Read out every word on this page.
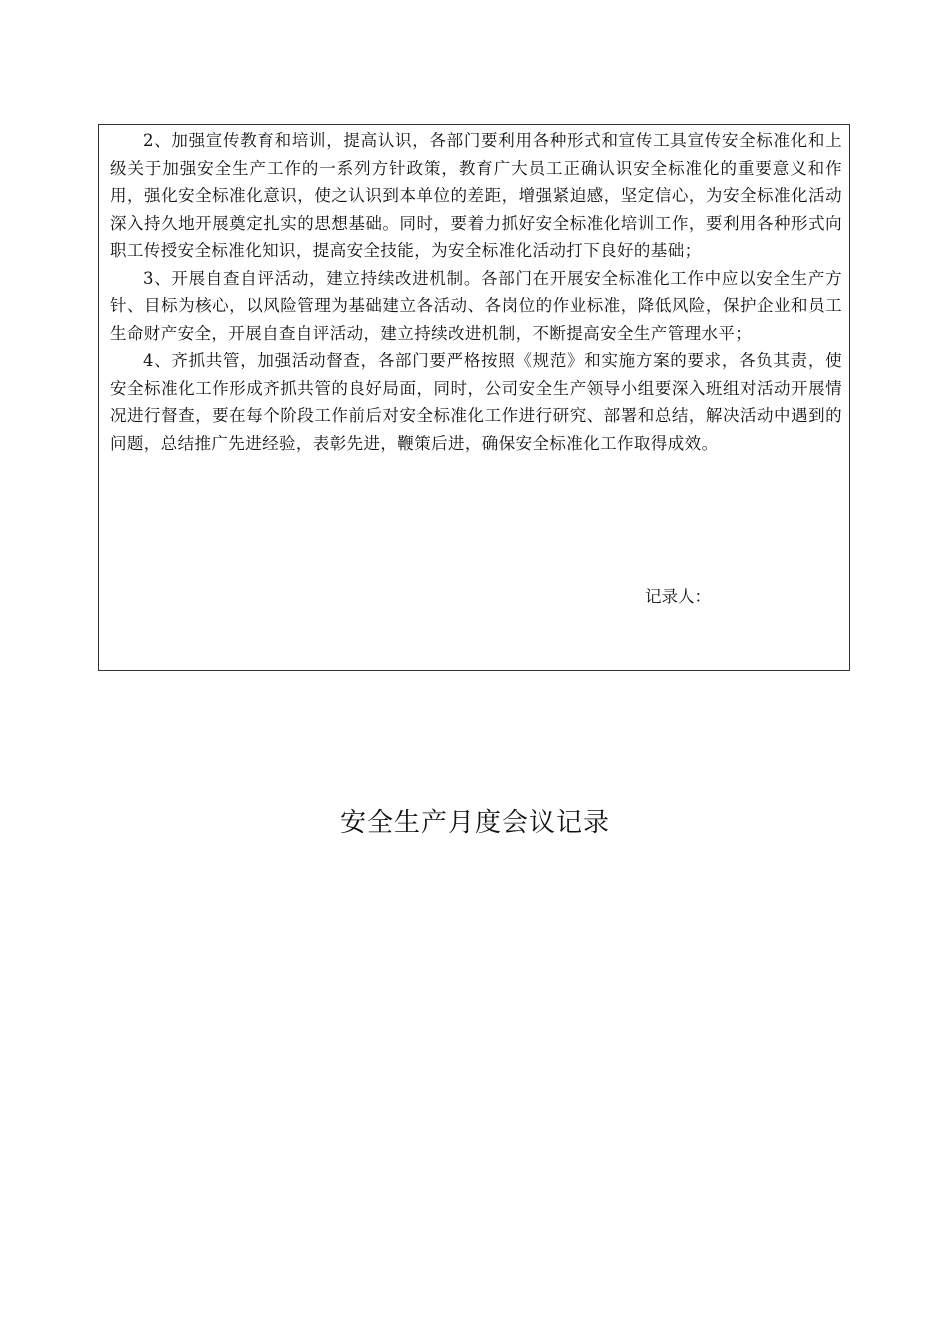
2、加强宣传教育和培训，提高认识，各部门要利用各种形式和宣传工具宣传安全标准化和上级关于加强安全生产工作的一系列方针政策，教育广大员工正确认识安全标准化的重要意义和作用，强化安全标准化意识，使之认识到本单位的差距，增强紧迫感，坚定信心，为安全标准化活动深入持久地开展奠定扎实的思想基础。同时，要着力抓好安全标准化培训工作，要利用各种形式向职工传授安全标准化知识，提高安全技能，为安全标准化活动打下良好的基础；

3、开展自查自评活动，建立持续改进机制。各部门在开展安全标准化工作中应以安全生产方针、目标为核心，以风险管理为基础建立各活动、各岗位的作业标准，降低风险，保护企业和员工生命财产安全，开展自查自评活动，建立持续改进机制，不断提高安全生产管理水平；

4、齐抓共管，加强活动督查，各部门要严格按照《规范》和实施方案的要求，各负其责，使安全标准化工作形成齐抓共管的良好局面，同时，公司安全生产领导小组要深入班组对活动开展情况进行督查，要在每个阶段工作前后对安全标准化工作进行研究、部署和总结，解决活动中遇到的问题，总结推广先进经验，表彰先进，鞭策后进，确保安全标准化工作取得成效。

记录人：
安全生产月度会议记录
